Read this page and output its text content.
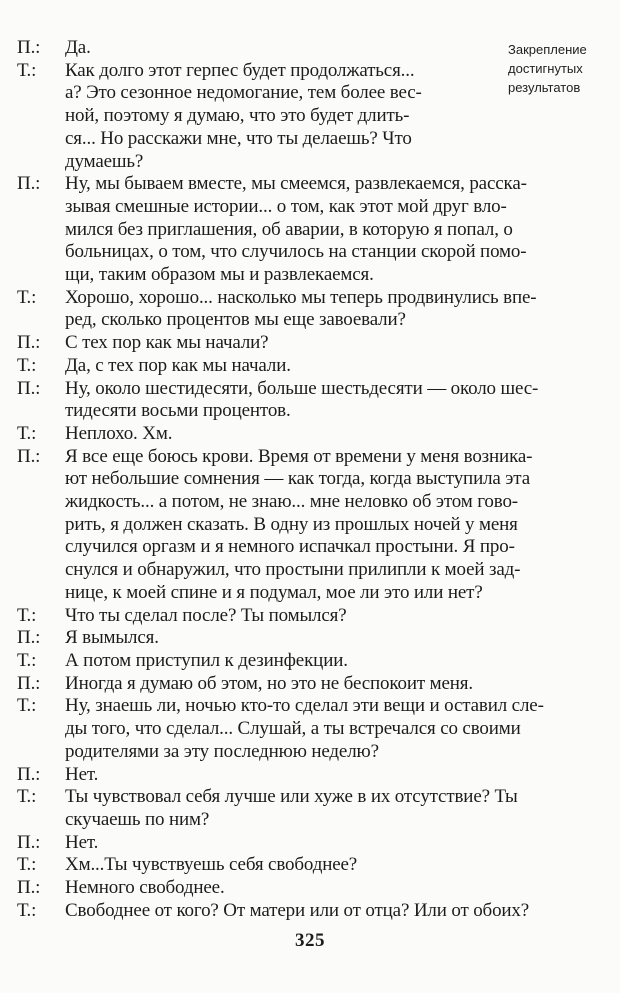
Закрепление
достигнутых
результатов
П.:	Да.
Т.:	Как долго этот герпес будет продолжаться...
а? Это сезонное недомогание, тем более вес-
ной, поэтому я думаю, что это будет длить-
ся... Но расскажи мне, что ты делаешь? Что
думаешь?
П.:	Ну, мы бываем вместе, мы смеемся, развлекаемся, расска-
зывая смешные истории... о том, как этот мой друг вло-
мился без приглашения, об аварии, в которую я попал, о
больницах, о том, что случилось на станции скорой помо-
щи, таким образом мы и развлекаемся.
Т.:	Хорошо, хорошо... насколько мы теперь продвинулись впе-
ред, сколько процентов мы еще завоевали?
П.:	С тех пор как мы начали?
Т.:	Да, с тех пор как мы начали.
П.:	Ну, около шестидесяти, больше шестьдесяти — около шес-
тидесяти восьми процентов.
Т.:	Неплохо. Хм.
П.:	Я все еще боюсь крови. Время от времени у меня возника-
ют небольшие сомнения — как тогда, когда выступила эта
жидкость... а потом, не знаю... мне неловко об этом гово-
рить, я должен сказать. В одну из прошлых ночей у меня
случился оргазм и я немного испачкал простыни. Я про-
снулся и обнаружил, что простыни прилипли к моей зад-
нице, к моей спине и я подумал, мое ли это или нет?
Т.:	Что ты сделал после? Ты помылся?
П.:	Я вымылся.
Т.:	А потом приступил к дезинфекции.
П.:	Иногда я думаю об этом, но это не беспокоит меня.
Т.:	Ну, знаешь ли, ночью кто-то сделал эти вещи и оставил сле-
ды того, что сделал... Слушай, а ты встречался со своими
родителями за эту последнюю неделю?
П.:	Нет.
Т.:	Ты чувствовал себя лучше или хуже в их отсутствие? Ты
скучаешь по ним?
П.:	Нет.
Т.:	Хм...Ты чувствуешь себя свободнее?
П.:	Немного свободнее.
Т.:	Свободнее от кого? От матери или от отца? Или от обоих?
325
